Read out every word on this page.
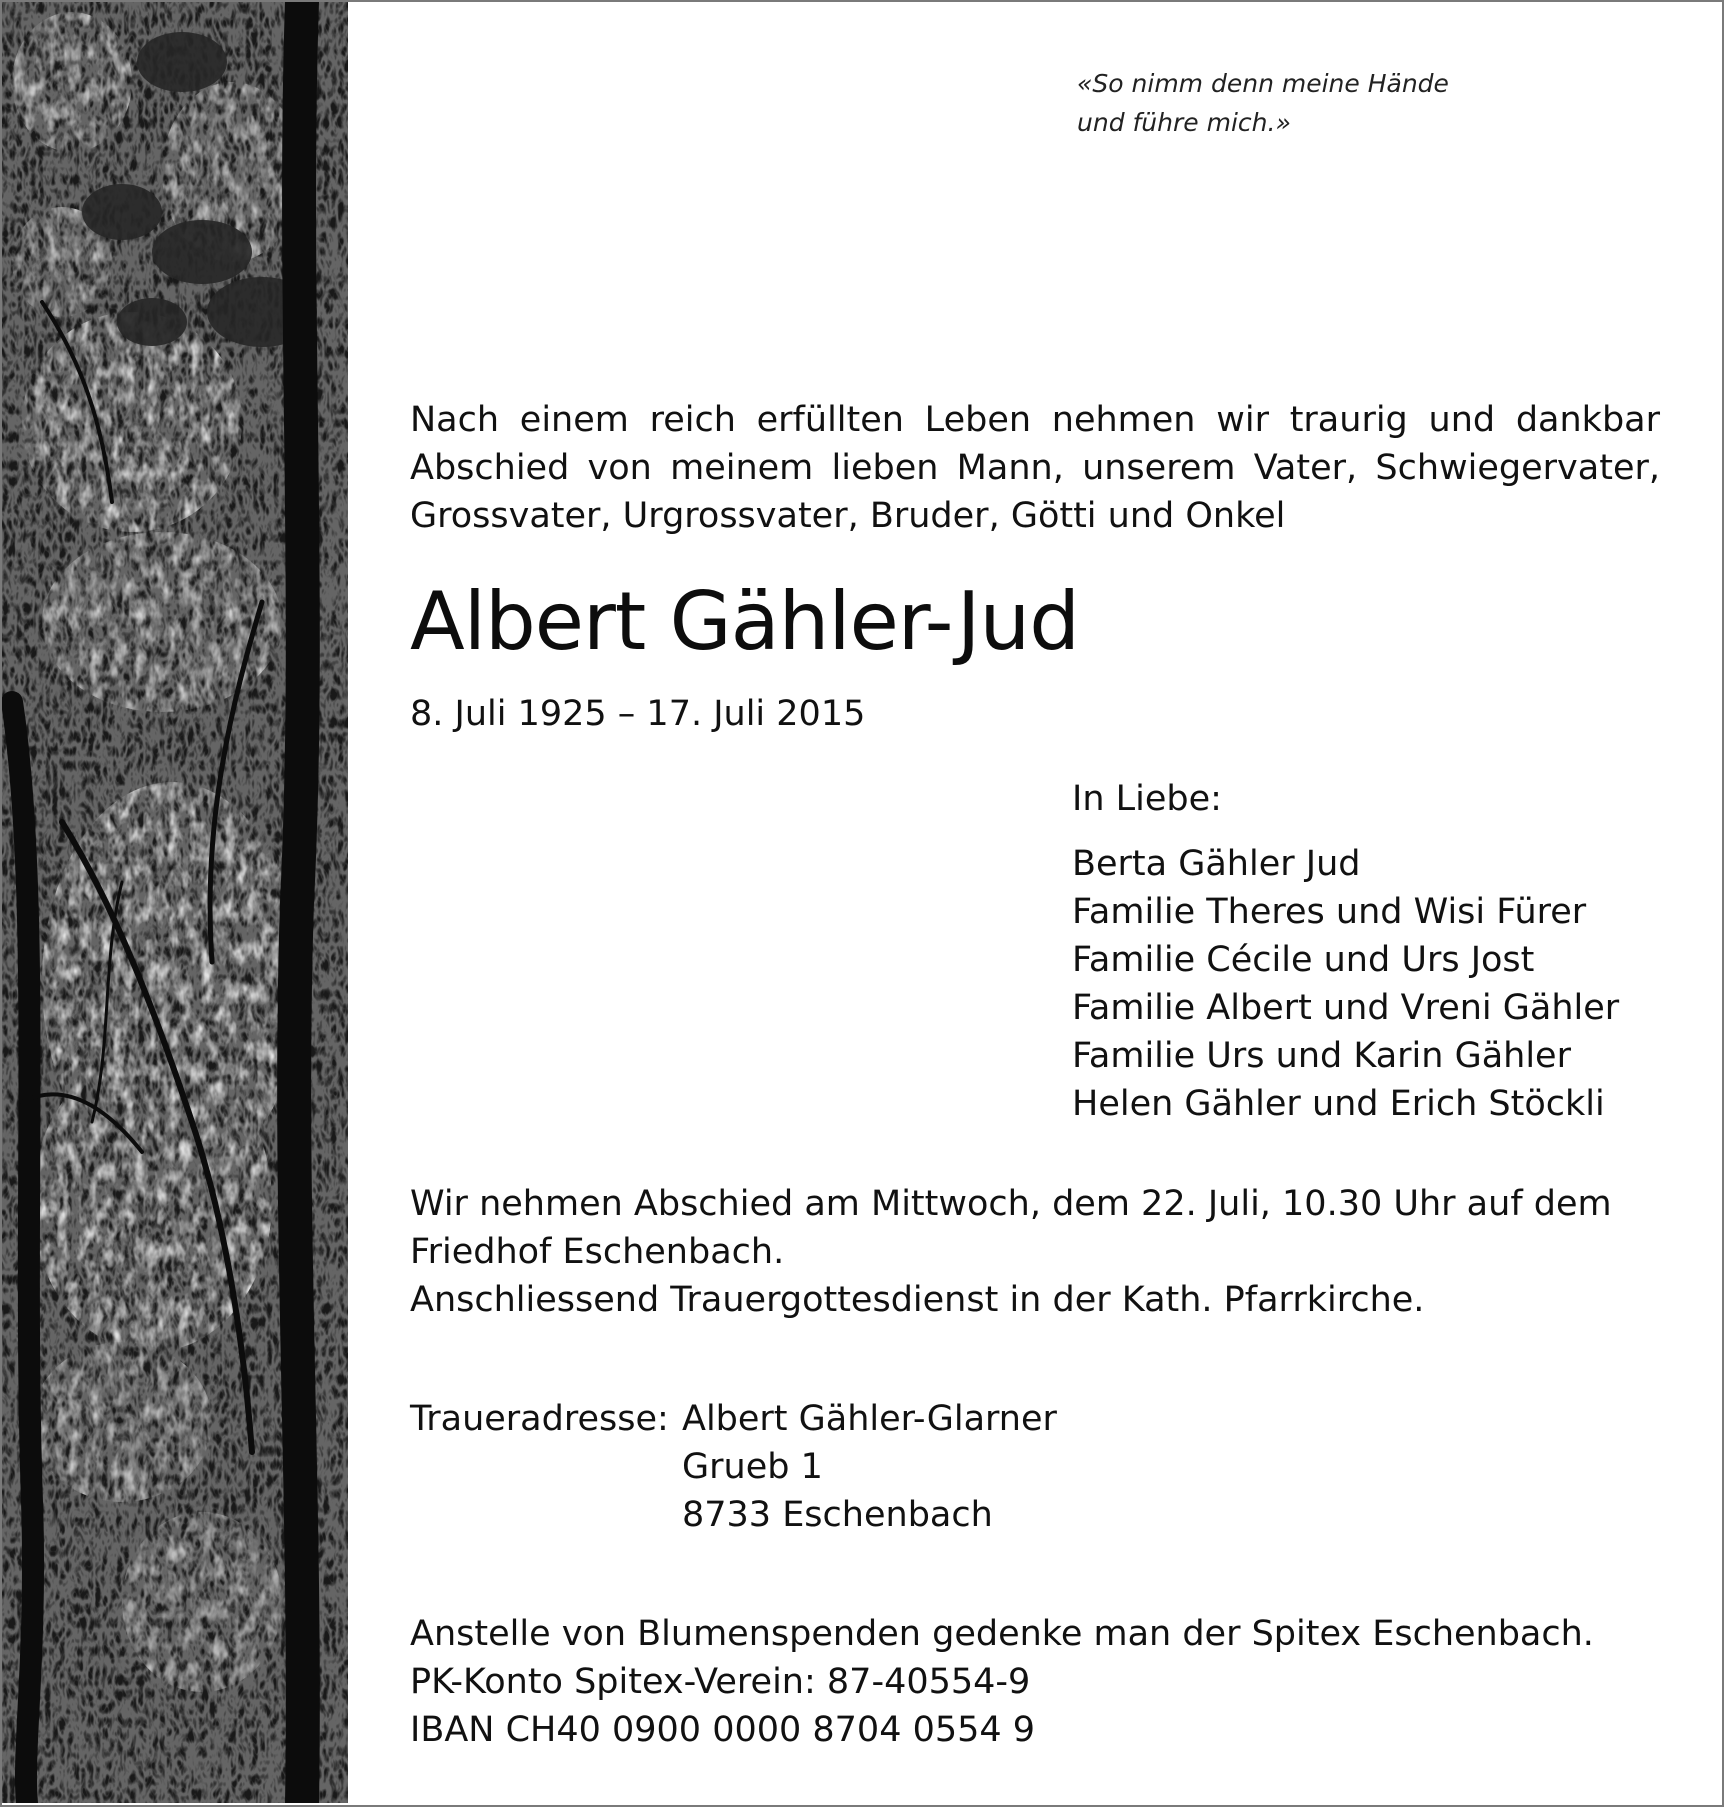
«So nimm denn meine Hände
und führe mich.»
Nach einem reich erfüllten Leben nehmen wir traurig und dankbar
Abschied von meinem lieben Mann, unserem Vater, Schwiegervater,
Grossvater, Urgrossvater, Bruder, Götti und Onkel
Albert Gähler-Jud
8. Juli 1925 – 17. Juli 2015
In Liebe:
Berta Gähler Jud
Familie Theres und Wisi Fürer
Familie Cécile und Urs Jost
Familie Albert und Vreni Gähler
Familie Urs und Karin Gähler
Helen Gähler und Erich Stöckli
Wir nehmen Abschied am Mittwoch, dem 22. Juli, 10.30 Uhr auf dem
Friedhof Eschenbach.
Anschliessend Trauergottesdienst in der Kath. Pfarrkirche.
Traueradresse: Albert Gähler-Glarner
Grueb 1
8733 Eschenbach
Anstelle von Blumenspenden gedenke man der Spitex Eschenbach.
PK-Konto Spitex-Verein: 87-40554-9
IBAN CH40 0900 0000 8704 0554 9
